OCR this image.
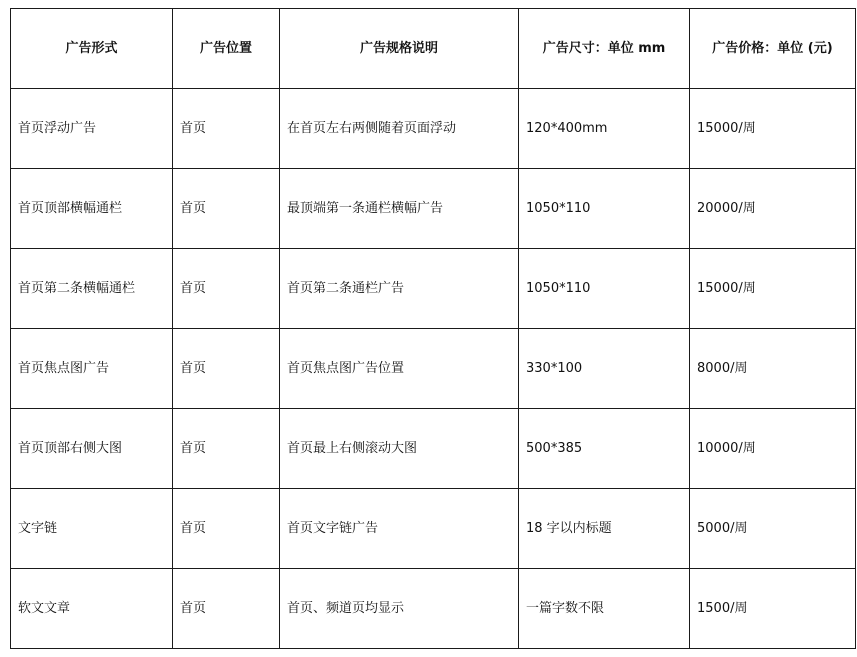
广告形式	广告位置	广告规格说明	广告尺寸：单位 mm	广告价格：单位 (元)
首页浮动广告	首页	在首页左右两侧随着页面浮动	120*400mm	15000/周
首页顶部横幅通栏	首页	最顶端第一条通栏横幅广告	1050*110	20000/周
首页第二条横幅通栏	首页	首页第二条通栏广告	1050*110	15000/周
首页焦点图广告	首页	首页焦点图广告位置	330*100	8000/周
首页顶部右侧大图	首页	首页最上右侧滚动大图	500*385	10000/周
文字链	首页	首页文字链广告	18 字以内标题	5000/周
软文文章	首页	首页、频道页均显示	一篇字数不限	1500/周
